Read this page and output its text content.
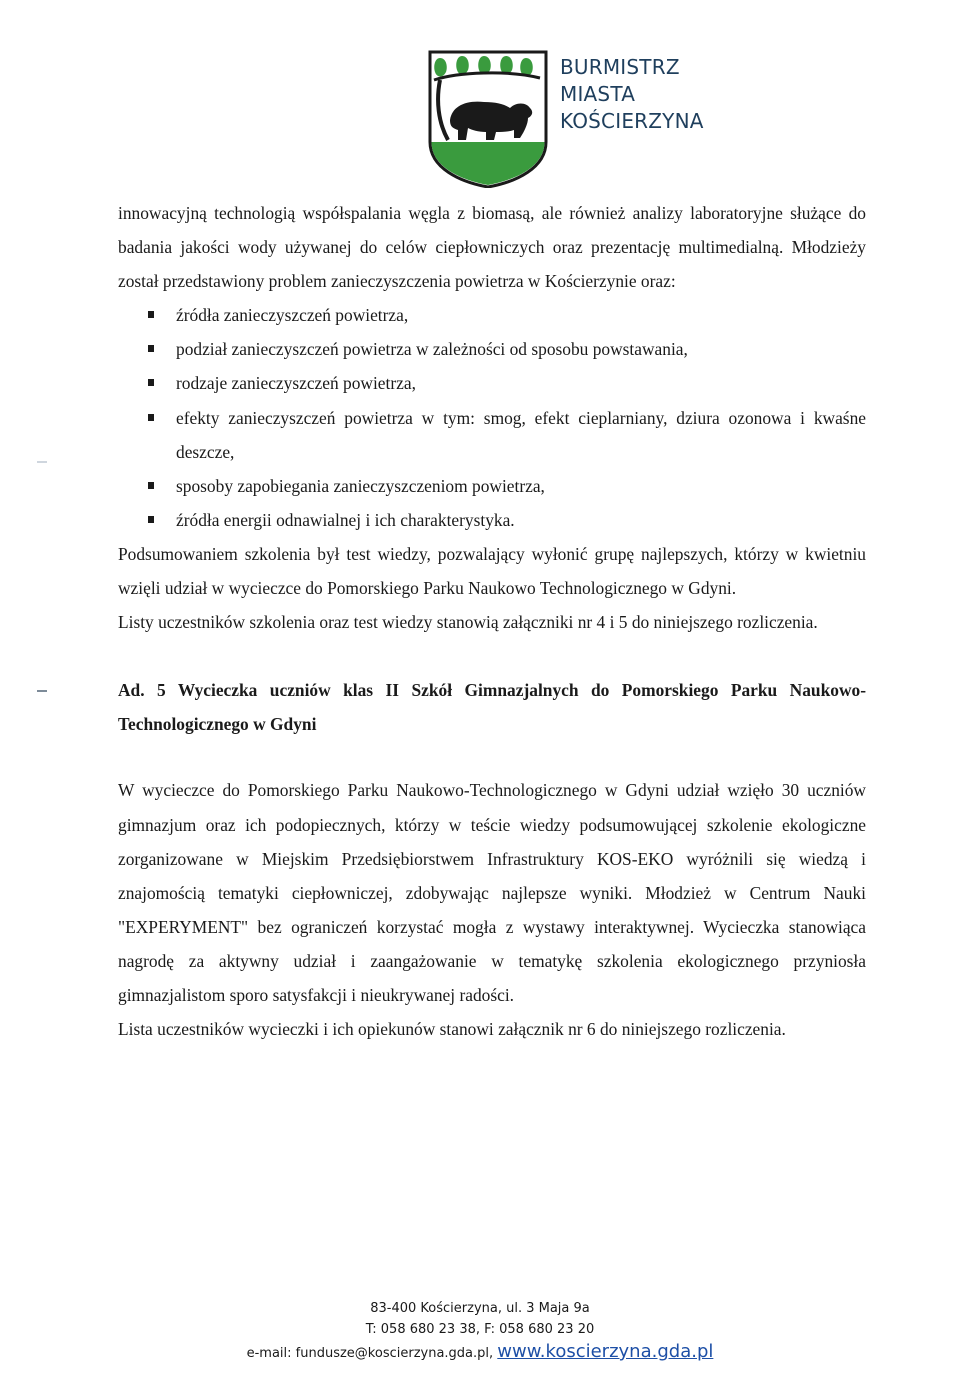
BURMISTRZ
MIASTA
KOŚCIERZYNA

innowacyjną technologią współspalania węgla z biomasą, ale również analizy laboratoryjne służące do badania jakości wody używanej do celów ciepłowniczych oraz prezentację multimedialną. Młodzieży został przedstawiony problem zanieczyszczenia powietrza w Kościerzynie oraz:

źródła zanieczyszczeń powietrza,
podział zanieczyszczeń powietrza w zależności od sposobu powstawania,
rodzaje zanieczyszczeń powietrza,
efekty zanieczyszczeń powietrza w tym: smog, efekt cieplarniany, dziura ozonowa i kwaśne deszcze,
sposoby zapobiegania zanieczyszczeniom powietrza,
źródła energii odnawialnej i ich charakterystyka.

Podsumowaniem szkolenia był test wiedzy, pozwalający wyłonić grupę najlepszych, którzy w kwietniu wzięli udział w wycieczce do Pomorskiego Parku Naukowo Technologicznego w Gdyni.

Listy uczestników szkolenia oraz test wiedzy stanowią załączniki nr 4 i 5 do niniejszego rozliczenia.

Ad. 5 Wycieczka uczniów klas II Szkół Gimnazjalnych do Pomorskiego Parku Naukowo-Technologicznego w Gdyni

W wycieczce do Pomorskiego Parku Naukowo-Technologicznego w Gdyni udział wzięło 30 uczniów gimnazjum oraz ich podopiecznych, którzy w teście wiedzy podsumowującej szkolenie ekologiczne zorganizowane w Miejskim Przedsiębiorstwem Infrastruktury KOS-EKO wyróżnili się wiedzą i znajomością tematyki ciepłowniczej, zdobywając najlepsze wyniki. Młodzież w Centrum Nauki "EXPERYMENT" bez ograniczeń korzystać mogła z wystawy interaktywnej. Wycieczka stanowiąca nagrodę za aktywny udział i zaangażowanie w tematykę szkolenia ekologicznego przyniosła gimnazjalistom sporo satysfakcji i nieukrywanej radości.

Lista uczestników wycieczki i ich opiekunów stanowi załącznik nr 6 do niniejszego rozliczenia.

83-400 Kościerzyna, ul. 3 Maja 9a
T: 058 680 23 38, F: 058 680 23 20
e-mail: fundusze@koscierzyna.gda.pl, www.koscierzyna.gda.pl
